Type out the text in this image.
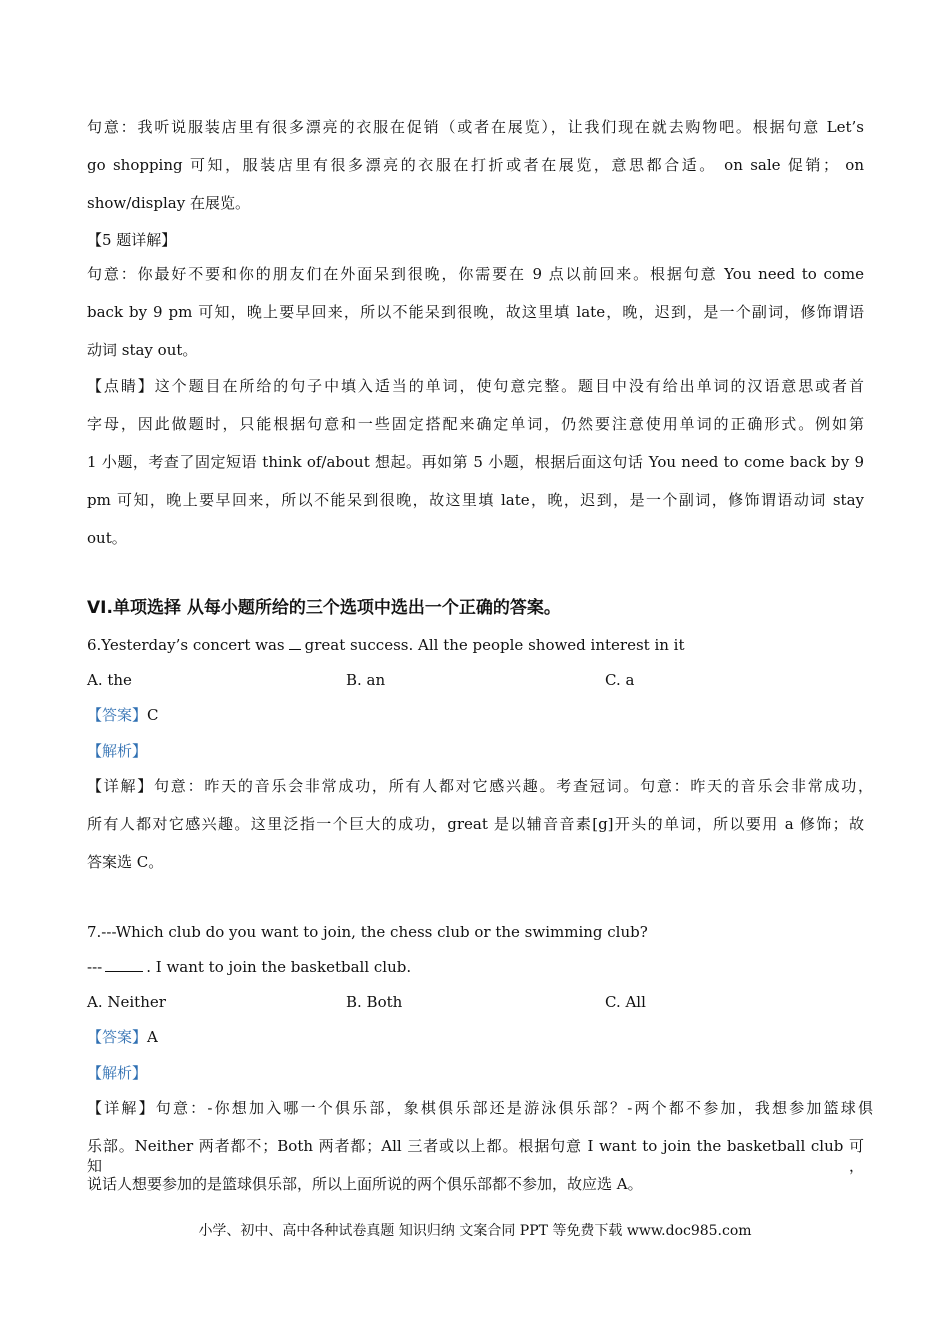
句意：我听说服装店里有很多漂亮的衣服在促销（或者在展览），让我们现在就去购物吧。根据句意 Let’s
go shopping 可知，服装店里有很多漂亮的衣服在打折或者在展览，意思都合适。 on sale 促销； on
show/display 在展览。
【5 题详解】
句意：你最好不要和你的朋友们在外面呆到很晚，你需要在 9 点以前回来。根据句意 You need to come
back by 9 pm 可知，晚上要早回来，所以不能呆到很晚，故这里填 late，晚，迟到，是一个副词，修饰谓语
动词 stay out。
【点睛】这个题目在所给的句子中填入适当的单词，使句意完整。题目中没有给出单词的汉语意思或者首
字母，因此做题时，只能根据句意和一些固定搭配来确定单词，仍然要注意使用单词的正确形式。例如第
1 小题，考查了固定短语 think of/about 想起。再如第 5 小题，根据后面这句话 You need to come back by 9
pm 可知，晚上要早回来，所以不能呆到很晚，故这里填 late，晚，迟到，是一个副词，修饰谓语动词 stay
out。
VI.单项选择 从每小题所给的三个选项中选出一个正确的答案。
6.Yesterday’s concert was great success. All the people showed interest in it
A. the	B. an	C. a
【答案】C
【解析】
【详解】句意：昨天的音乐会非常成功，所有人都对它感兴趣。考查冠词。句意：昨天的音乐会非常成功，
所有人都对它感兴趣。这里泛指一个巨大的成功，great 是以辅音音素[g]开头的单词，所以要用 a 修饰；故
答案选 C。
7.---Which club do you want to join, the chess club or the swimming club?
---	. I want to join the basketball club.
A. Neither	B. Both	C. All
【答案】A
【解析】
【详解】句意：-你想加入哪一个俱乐部，象棋俱乐部还是游泳俱乐部？-两个都不参加，我想参加篮球俱
乐部。Neither 两者都不；Both 两者都；All 三者或以上都。根据句意 I want to join the basketball club 可知，
说话人想要参加的是篮球俱乐部，所以上面所说的两个俱乐部都不参加，故应选 A。
小学、初中、高中各种试卷真题 知识归纳 文案合同 PPT 等免费下载 www.doc985.com
